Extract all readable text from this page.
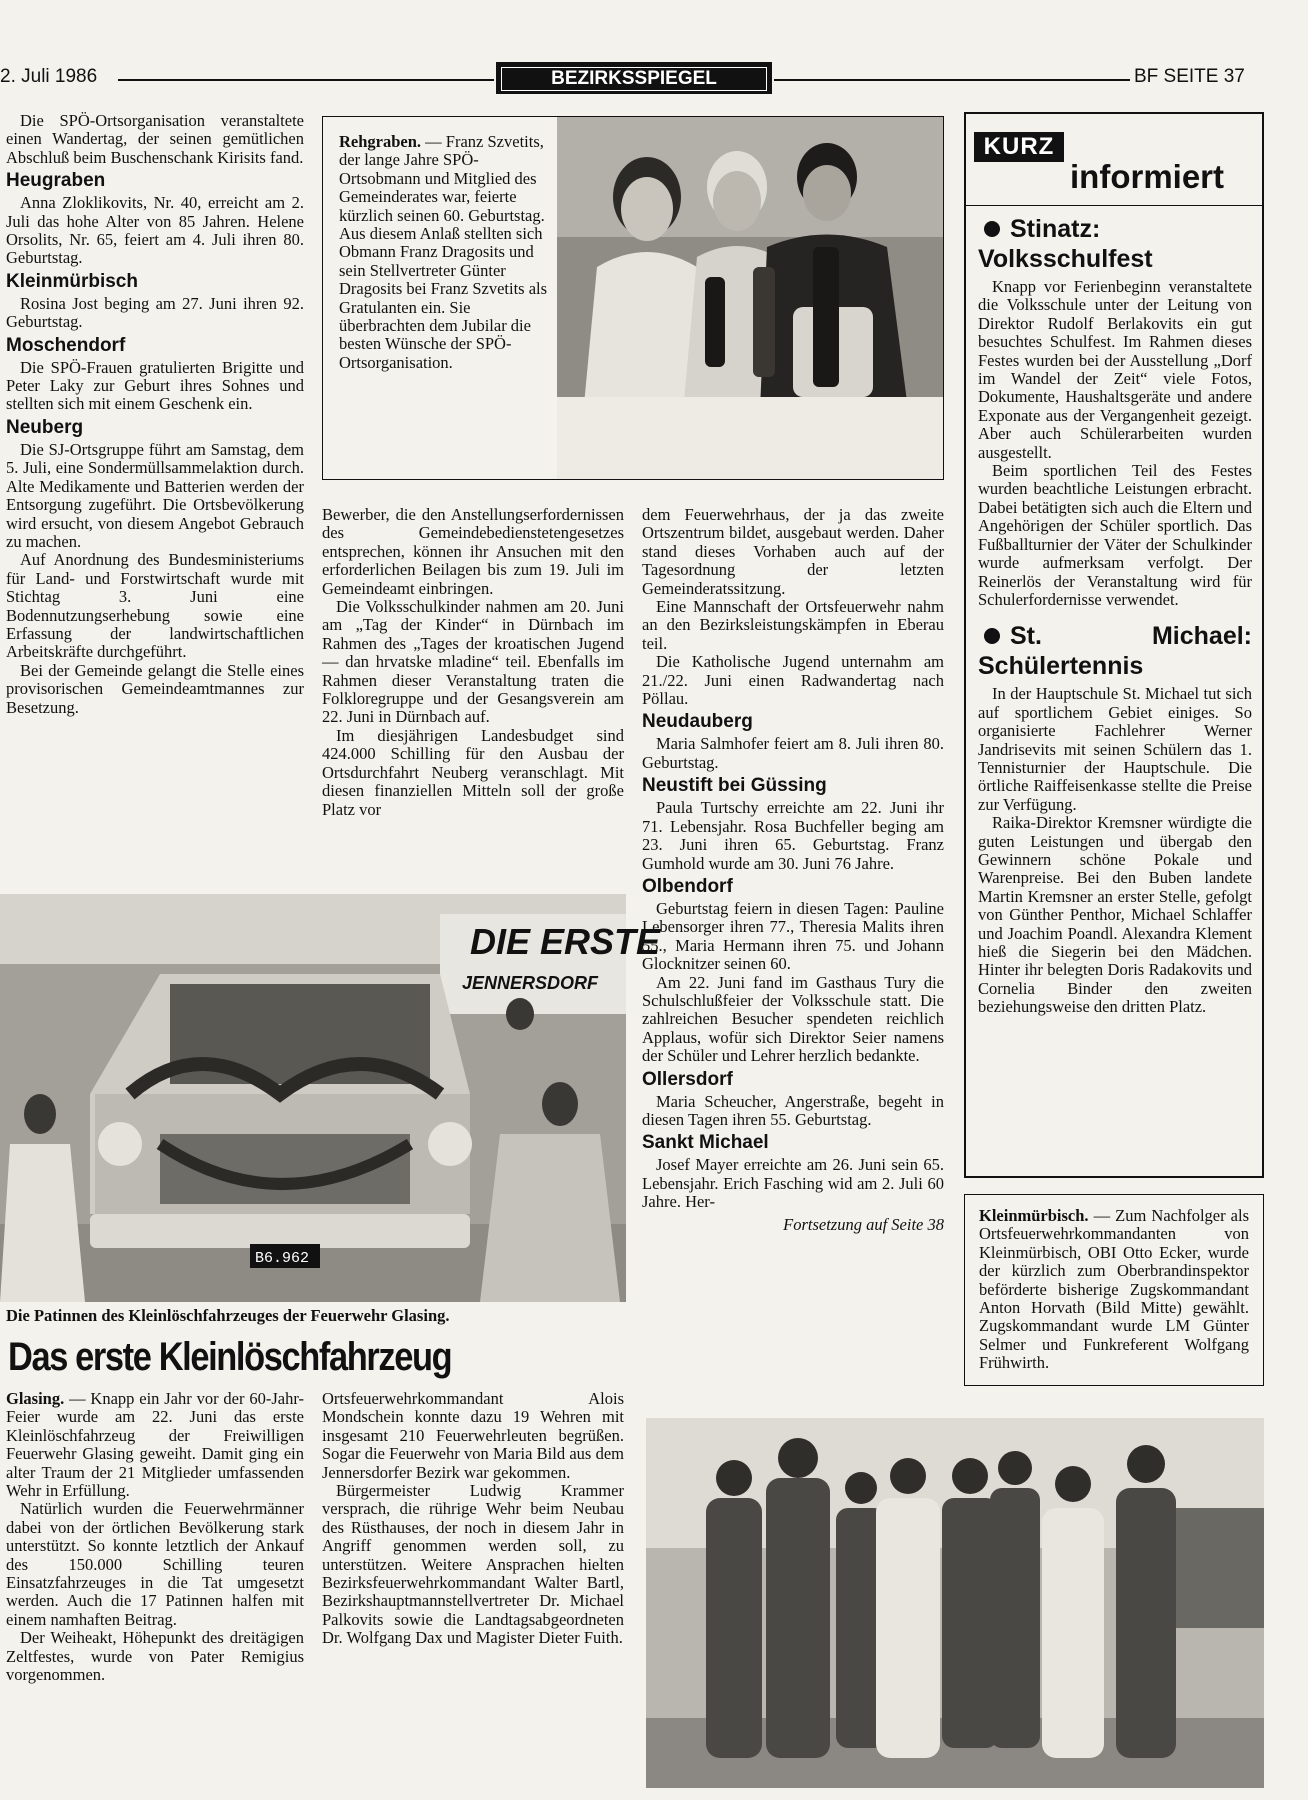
2. Juli 1986	BEZIRKSSPIEGEL	BF SEITE 37

Die SPÖ-Ortsorganisation veranstaltete einen Wandertag, der seinen gemütlichen Abschluß beim Buschenschank Kirisits fand.

Heugraben

Anna Zloklikovits, Nr. 40, erreicht am 2. Juli das hohe Alter von 85 Jahren. Helene Orsolits, Nr. 65, feiert am 4. Juli ihren 80. Geburtstag.

Kleinmürbisch

Rosina Jost beging am 27. Juni ihren 92. Geburtstag.

Moschendorf

Die SPÖ-Frauen gratulierten Brigitte und Peter Laky zur Geburt ihres Sohnes und stellten sich mit einem Geschenk ein.

Neuberg

Die SJ-Ortsgruppe führt am Samstag, dem 5. Juli, eine Sondermüllsammelaktion durch. Alte Medikamente und Batterien werden der Entsorgung zugeführt. Die Ortsbevölkerung wird ersucht, von diesem Angebot Gebrauch zu machen.

Auf Anordnung des Bundesministeriums für Land- und Forstwirtschaft wurde mit Stichtag 3. Juni eine Bodennutzungserhebung sowie eine Erfassung der landwirtschaftlichen Arbeitskräfte durchgeführt.

Bei der Gemeinde gelangt die Stelle eines provisorischen Gemeindeamtmannes zur Besetzung.

Rehgraben. — Franz Szvetits, der lange Jahre SPÖ-Ortsobmann und Mitglied des Gemeinderates war, feierte kürzlich seinen 60. Geburtstag. Aus diesem Anlaß stellten sich Obmann Franz Dragosits und sein Stellvertreter Günter Dragosits bei Franz Szvetits als Gratulanten ein. Sie überbrachten dem Jubilar die besten Wünsche der SPÖ-Ortsorganisation.

Bewerber, die den Anstellungserfordernissen des Gemeindebedienstetengesetzes entsprechen, können ihr Ansuchen mit den erforderlichen Beilagen bis zum 19. Juli im Gemeindeamt einbringen.

Die Volksschulkinder nahmen am 20. Juni am „Tag der Kinder“ in Dürnbach im Rahmen des „Tages der kroatischen Jugend — dan hrvatske mladine“ teil. Ebenfalls im Rahmen dieser Veranstaltung traten die Folkloregruppe und der Gesangsverein am 22. Juni in Dürnbach auf.

Im diesjährigen Landesbudget sind 424.000 Schilling für den Ausbau der Ortsdurchfahrt Neuberg veranschlagt. Mit diesen finanziellen Mitteln soll der große Platz vor

dem Feuerwehrhaus, der ja das zweite Ortszentrum bildet, ausgebaut werden. Daher stand dieses Vorhaben auch auf der Tagesordnung der letzten Gemeinderatssitzung.

Eine Mannschaft der Ortsfeuerwehr nahm an den Bezirksleistungskämpfen in Eberau teil.

Die Katholische Jugend unternahm am 21./22. Juni einen Radwandertag nach Pöllau.

Neudauberg

Maria Salmhofer feiert am 8. Juli ihren 80. Geburtstag.

Neustift bei Güssing

Paula Turtschy erreichte am 22. Juni ihr 71. Lebensjahr. Rosa Buchfeller beging am 23. Juni ihren 65. Geburtstag. Franz Gumhold wurde am 30. Juni 76 Jahre.

Olbendorf

Geburtstag feiern in diesen Tagen: Pauline Lebensorger ihren 77., Theresia Malits ihren 55., Maria Hermann ihren 75. und Johann Glocknitzer seinen 60.

Am 22. Juni fand im Gasthaus Tury die Schulschlußfeier der Volksschule statt. Die zahlreichen Besucher spendeten reichlich Applaus, wofür sich Direktor Seier namens der Schüler und Lehrer herzlich bedankte.

Ollersdorf

Maria Scheucher, Angerstraße, begeht in diesen Tagen ihren 55. Geburtstag.

Sankt Michael

Josef Mayer erreichte am 26. Juni sein 65. Lebensjahr. Erich Fasching wid am 2. Juli 60 Jahre. Her-

Fortsetzung auf Seite 38

KURZ
informiert
Stinatz: Volksschulfest

Knapp vor Ferienbeginn veranstaltete die Volksschule unter der Leitung von Direktor Rudolf Berlakovits ein gut besuchtes Schulfest. Im Rahmen dieses Festes wurden bei der Ausstellung „Dorf im Wandel der Zeit“ viele Fotos, Dokumente, Haushaltsgeräte und andere Exponate aus der Vergangenheit gezeigt. Aber auch Schülerarbeiten wurden ausgestellt.

Beim sportlichen Teil des Festes wurden beachtliche Leistungen erbracht. Dabei betätigten sich auch die Eltern und Angehörigen der Schüler sportlich. Das Fußballturnier der Väter der Schulkinder wurde aufmerksam verfolgt. Der Reinerlös der Veranstaltung wird für Schulerfordernisse verwendet.

St. Michael: Schülertennis

In der Hauptschule St. Michael tut sich auf sportlichem Gebiet einiges. So organisierte Fachlehrer Werner Jandrisevits mit seinen Schülern das 1. Tennisturnier der Hauptschule. Die örtliche Raiffeisenkasse stellte die Preise zur Verfügung.

Raika-Direktor Kremsner würdigte die guten Leistungen und übergab den Gewinnern schöne Pokale und Warenpreise. Bei den Buben landete Martin Kremsner an erster Stelle, gefolgt von Günther Penthor, Michael Schlaffer und Joachim Poandl. Alexandra Klement hieß die Siegerin bei den Mädchen. Hinter ihr belegten Doris Radakovits und Cornelia Binder den zweiten beziehungsweise den dritten Platz.

Kleinmürbisch. — Zum Nachfolger als Ortsfeuerwehrkommandanten von Kleinmürbisch, OBI Otto Ecker, wurde der kürzlich zum Oberbrandinspektor beförderte bisherige Zugskommandant Anton Horvath (Bild Mitte) gewählt. Zugskommandant wurde LM Günter Selmer und Funkreferent Wolfgang Frühwirth.

DIE ERSTE
JENNERSDORF
B6.962
Die Patinnen des Kleinlöschfahrzeuges der Feuerwehr Glasing.
Das erste Kleinlöschfahrzeug

Glasing. — Knapp ein Jahr vor der 60-Jahr-Feier wurde am 22. Juni das erste Kleinlöschfahrzeug der Freiwilligen Feuerwehr Glasing geweiht. Damit ging ein alter Traum der 21 Mitglieder umfassenden Wehr in Erfüllung.

Natürlich wurden die Feuerwehrmänner dabei von der örtlichen Bevölkerung stark unterstützt. So konnte letztlich der Ankauf des 150.000 Schilling teuren Einsatzfahrzeuges in die Tat umgesetzt werden. Auch die 17 Patinnen halfen mit einem namhaften Beitrag.

Der Weiheakt, Höhepunkt des dreitägigen Zeltfestes, wurde von Pater Remigius vorgenommen.

Ortsfeuerwehrkommandant Alois Mondschein konnte dazu 19 Wehren mit insgesamt 210 Feuerwehrleuten begrüßen. Sogar die Feuerwehr von Maria Bild aus dem Jennersdorfer Bezirk war gekommen.

Bürgermeister Ludwig Krammer versprach, die rührige Wehr beim Neubau des Rüsthauses, der noch in diesem Jahr in Angriff genommen werden soll, zu unterstützen. Weitere Ansprachen hielten Bezirksfeuerwehrkommandant Walter Bartl, Bezirkshauptmannstellvertreter Dr. Michael Palkovits sowie die Landtagsabgeordneten Dr. Wolfgang Dax und Magister Dieter Fuith.
